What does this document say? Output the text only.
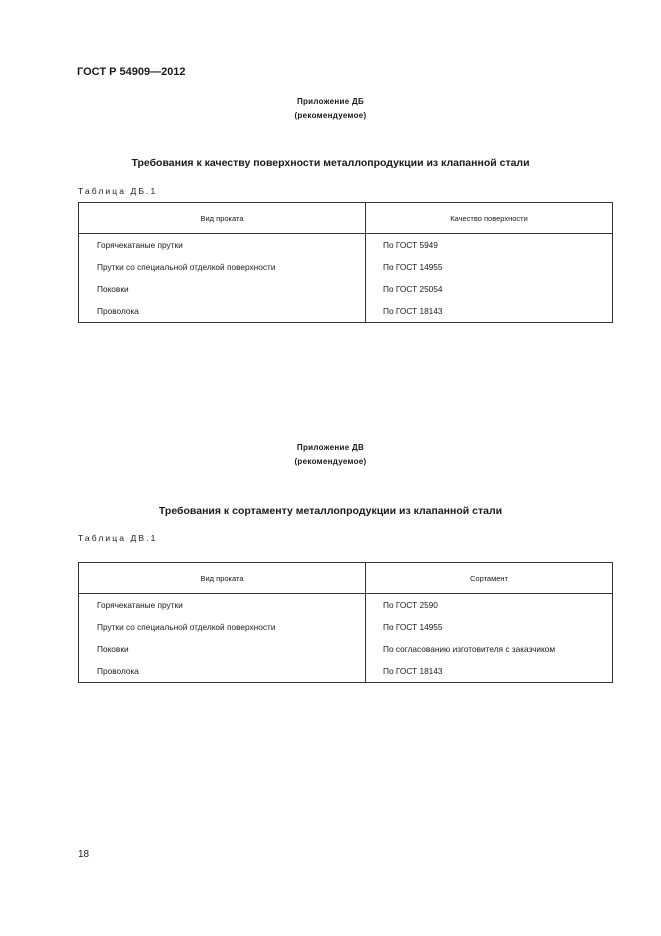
ГОСТ Р 54909—2012
Приложение ДБ
(рекомендуемое)
Требования к качеству поверхности металлопродукции из клапанной стали
Таблица ДБ.1
Вид проката	Качество поверхности
Горячекатаные прутки	По ГОСТ 5949
Прутки со специальной отделкой поверхности	По ГОСТ 14955
Поковки	По ГОСТ 25054
Проволока	По ГОСТ 18143
Приложение ДВ
(рекомендуемое)
Требования к сортаменту металлопродукции из клапанной стали
Таблица ДВ.1
Вид проката	Сортамент
Горячекатаные прутки	По ГОСТ 2590
Прутки со специальной отделкой поверхности	По ГОСТ 14955
Поковки	По согласованию изготовителя с заказчиком
Проволока	По ГОСТ 18143
18
